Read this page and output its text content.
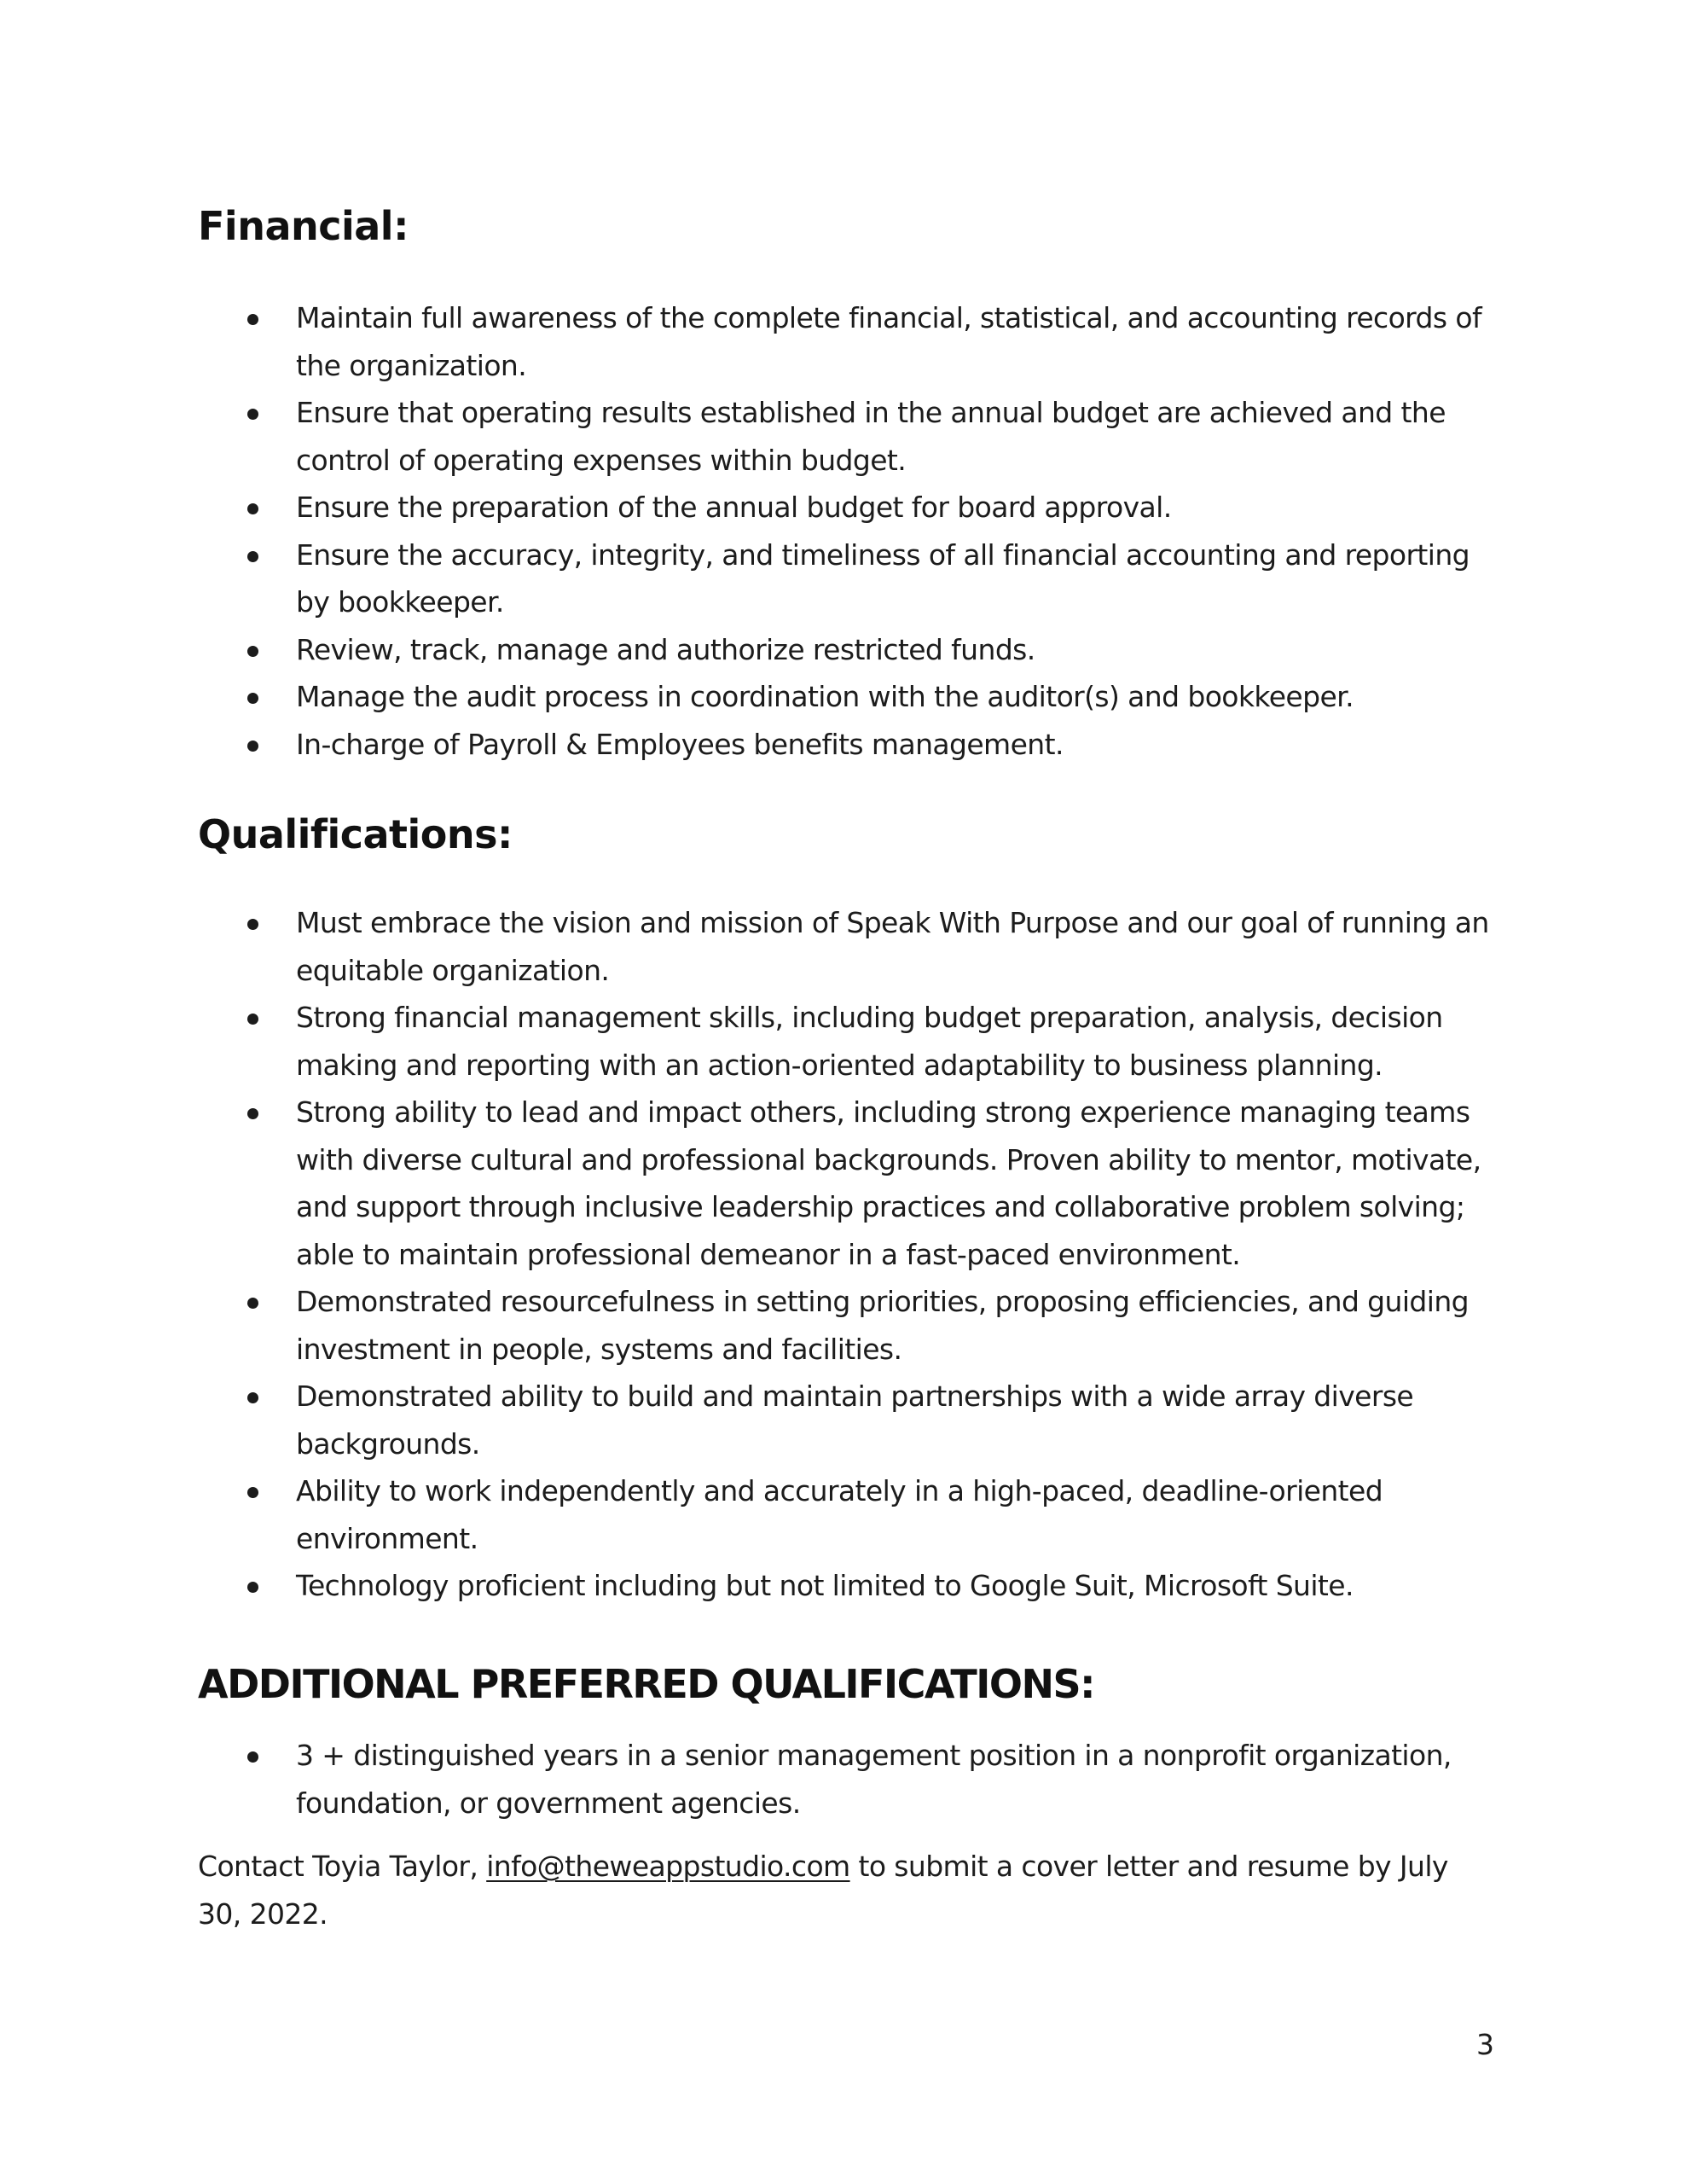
Financial:
Maintain full awareness of the complete financial, statistical, and accounting records of the organization.
Ensure that operating results established in the annual budget are achieved and the control of operating expenses within budget.
Ensure the preparation of the annual budget for board approval.
Ensure the accuracy, integrity, and timeliness of all financial accounting and reporting by bookkeeper.
Review, track, manage and authorize restricted funds.
Manage the audit process in coordination with the auditor(s) and bookkeeper.
In-charge of Payroll & Employees benefits management.
Qualifications:
Must embrace the vision and mission of Speak With Purpose and our goal of running an equitable organization.
Strong financial management skills, including budget preparation, analysis, decision making and reporting with an action-oriented adaptability to business planning.
Strong ability to lead and impact others, including strong experience managing teams with diverse cultural and professional backgrounds. Proven ability to mentor, motivate, and support through inclusive leadership practices and collaborative problem solving; able to maintain professional demeanor in a fast-paced environment.
Demonstrated resourcefulness in setting priorities, proposing efficiencies, and guiding investment in people, systems and facilities.
Demonstrated ability to build and maintain partnerships with a wide array diverse backgrounds.
Ability to work independently and accurately in a high-paced, deadline-oriented environment.
Technology proficient including but not limited to Google Suit, Microsoft Suite.
ADDITIONAL PREFERRED QUALIFICATIONS:
3 + distinguished years in a senior management position in a nonprofit organization, foundation, or government agencies.

Contact Toyia Taylor, info@theweappstudio.com to submit a cover letter and resume by July 30, 2022.

3
